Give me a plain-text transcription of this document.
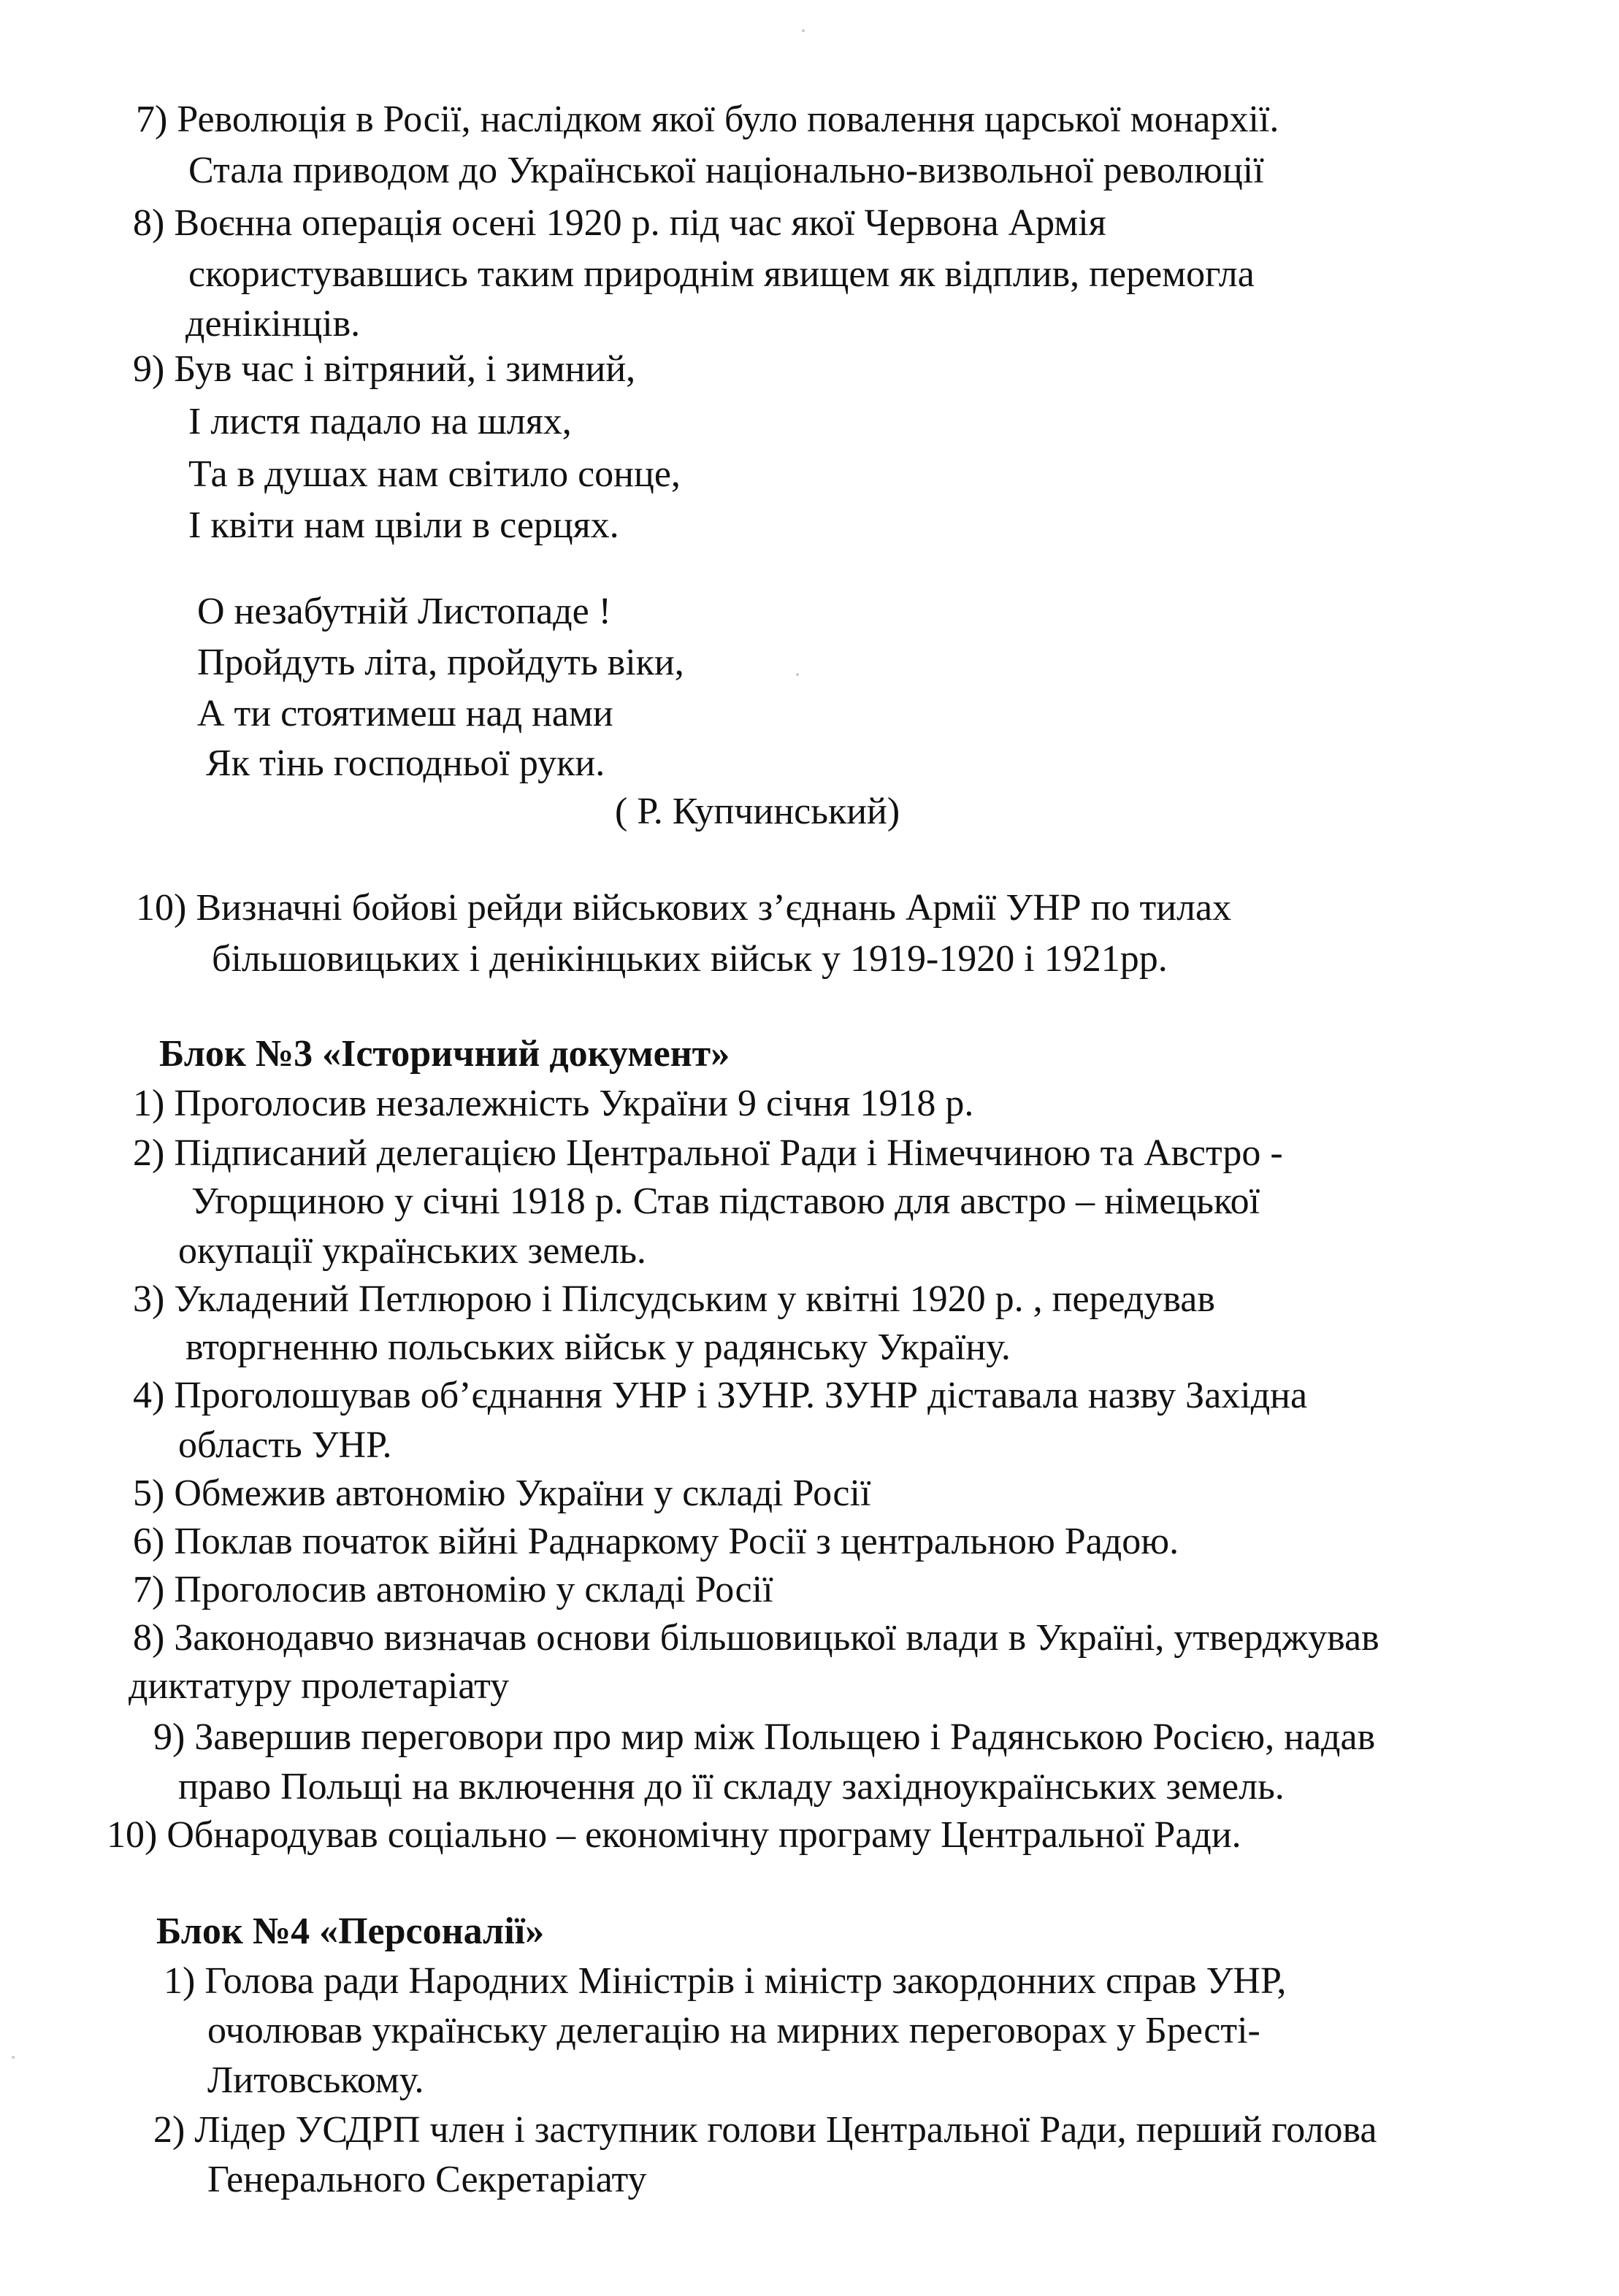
7) Революція в Росії, наслідком якої було повалення царської монархії.
Стала приводом до Української національно-визвольної революції
8) Воєнна операція осені 1920 р. під час якої Червона Армія
скористувавшись таким природнім явищем як відплив, перемогла
денікінців.
9) Був час і вітряний, і зимний,
І листя падало на шлях,
Та в душах нам світило сонце,
І квіти нам цвіли в серцях.
О незабутній Листопаде !
Пройдуть літа, пройдуть віки,
А ти стоятимеш над нами
Як тінь господньої руки.
( Р. Купчинський)
10) Визначні бойові рейди військових з’єднань Армії УНР по тилах
більшовицьких і денікінцьких військ у 1919-1920 і 1921рр.
Блок №3 «Історичний документ»
1) Проголосив незалежність України 9 січня 1918 р.
2) Підписаний делегацією Центральної Ради і Німеччиною та Австро -
Угорщиною у січні 1918 р. Став підставою для австро – німецької
окупації українських земель.
3) Укладений Петлюрою і Пілсудським у квітні 1920 р. , передував
вторгненню польських військ у радянську Україну.
4) Проголошував об’єднання УНР і ЗУНР. ЗУНР діставала назву Західна
область УНР.
5) Обмежив автономію України у складі Росії
6) Поклав початок війні Раднаркому Росії з центральною Радою.
7) Проголосив автономію у складі Росії
8) Законодавчо визначав основи більшовицької влади в Україні, утверджував
диктатуру пролетаріату
9) Завершив переговори про мир між Польщею і Радянською Росією, надав
право Польщі на включення до її складу західноукраїнських земель.
10) Обнародував соціально – економічну програму Центральної Ради.
Блок №4 «Персоналії»
1) Голова ради Народних Міністрів і міністр закордонних справ УНР,
очолював українську делегацію на мирних переговорах у Бресті-
Литовському.
2) Лідер УСДРП член і заступник голови Центральної Ради, перший голова
Генерального Секретаріату
